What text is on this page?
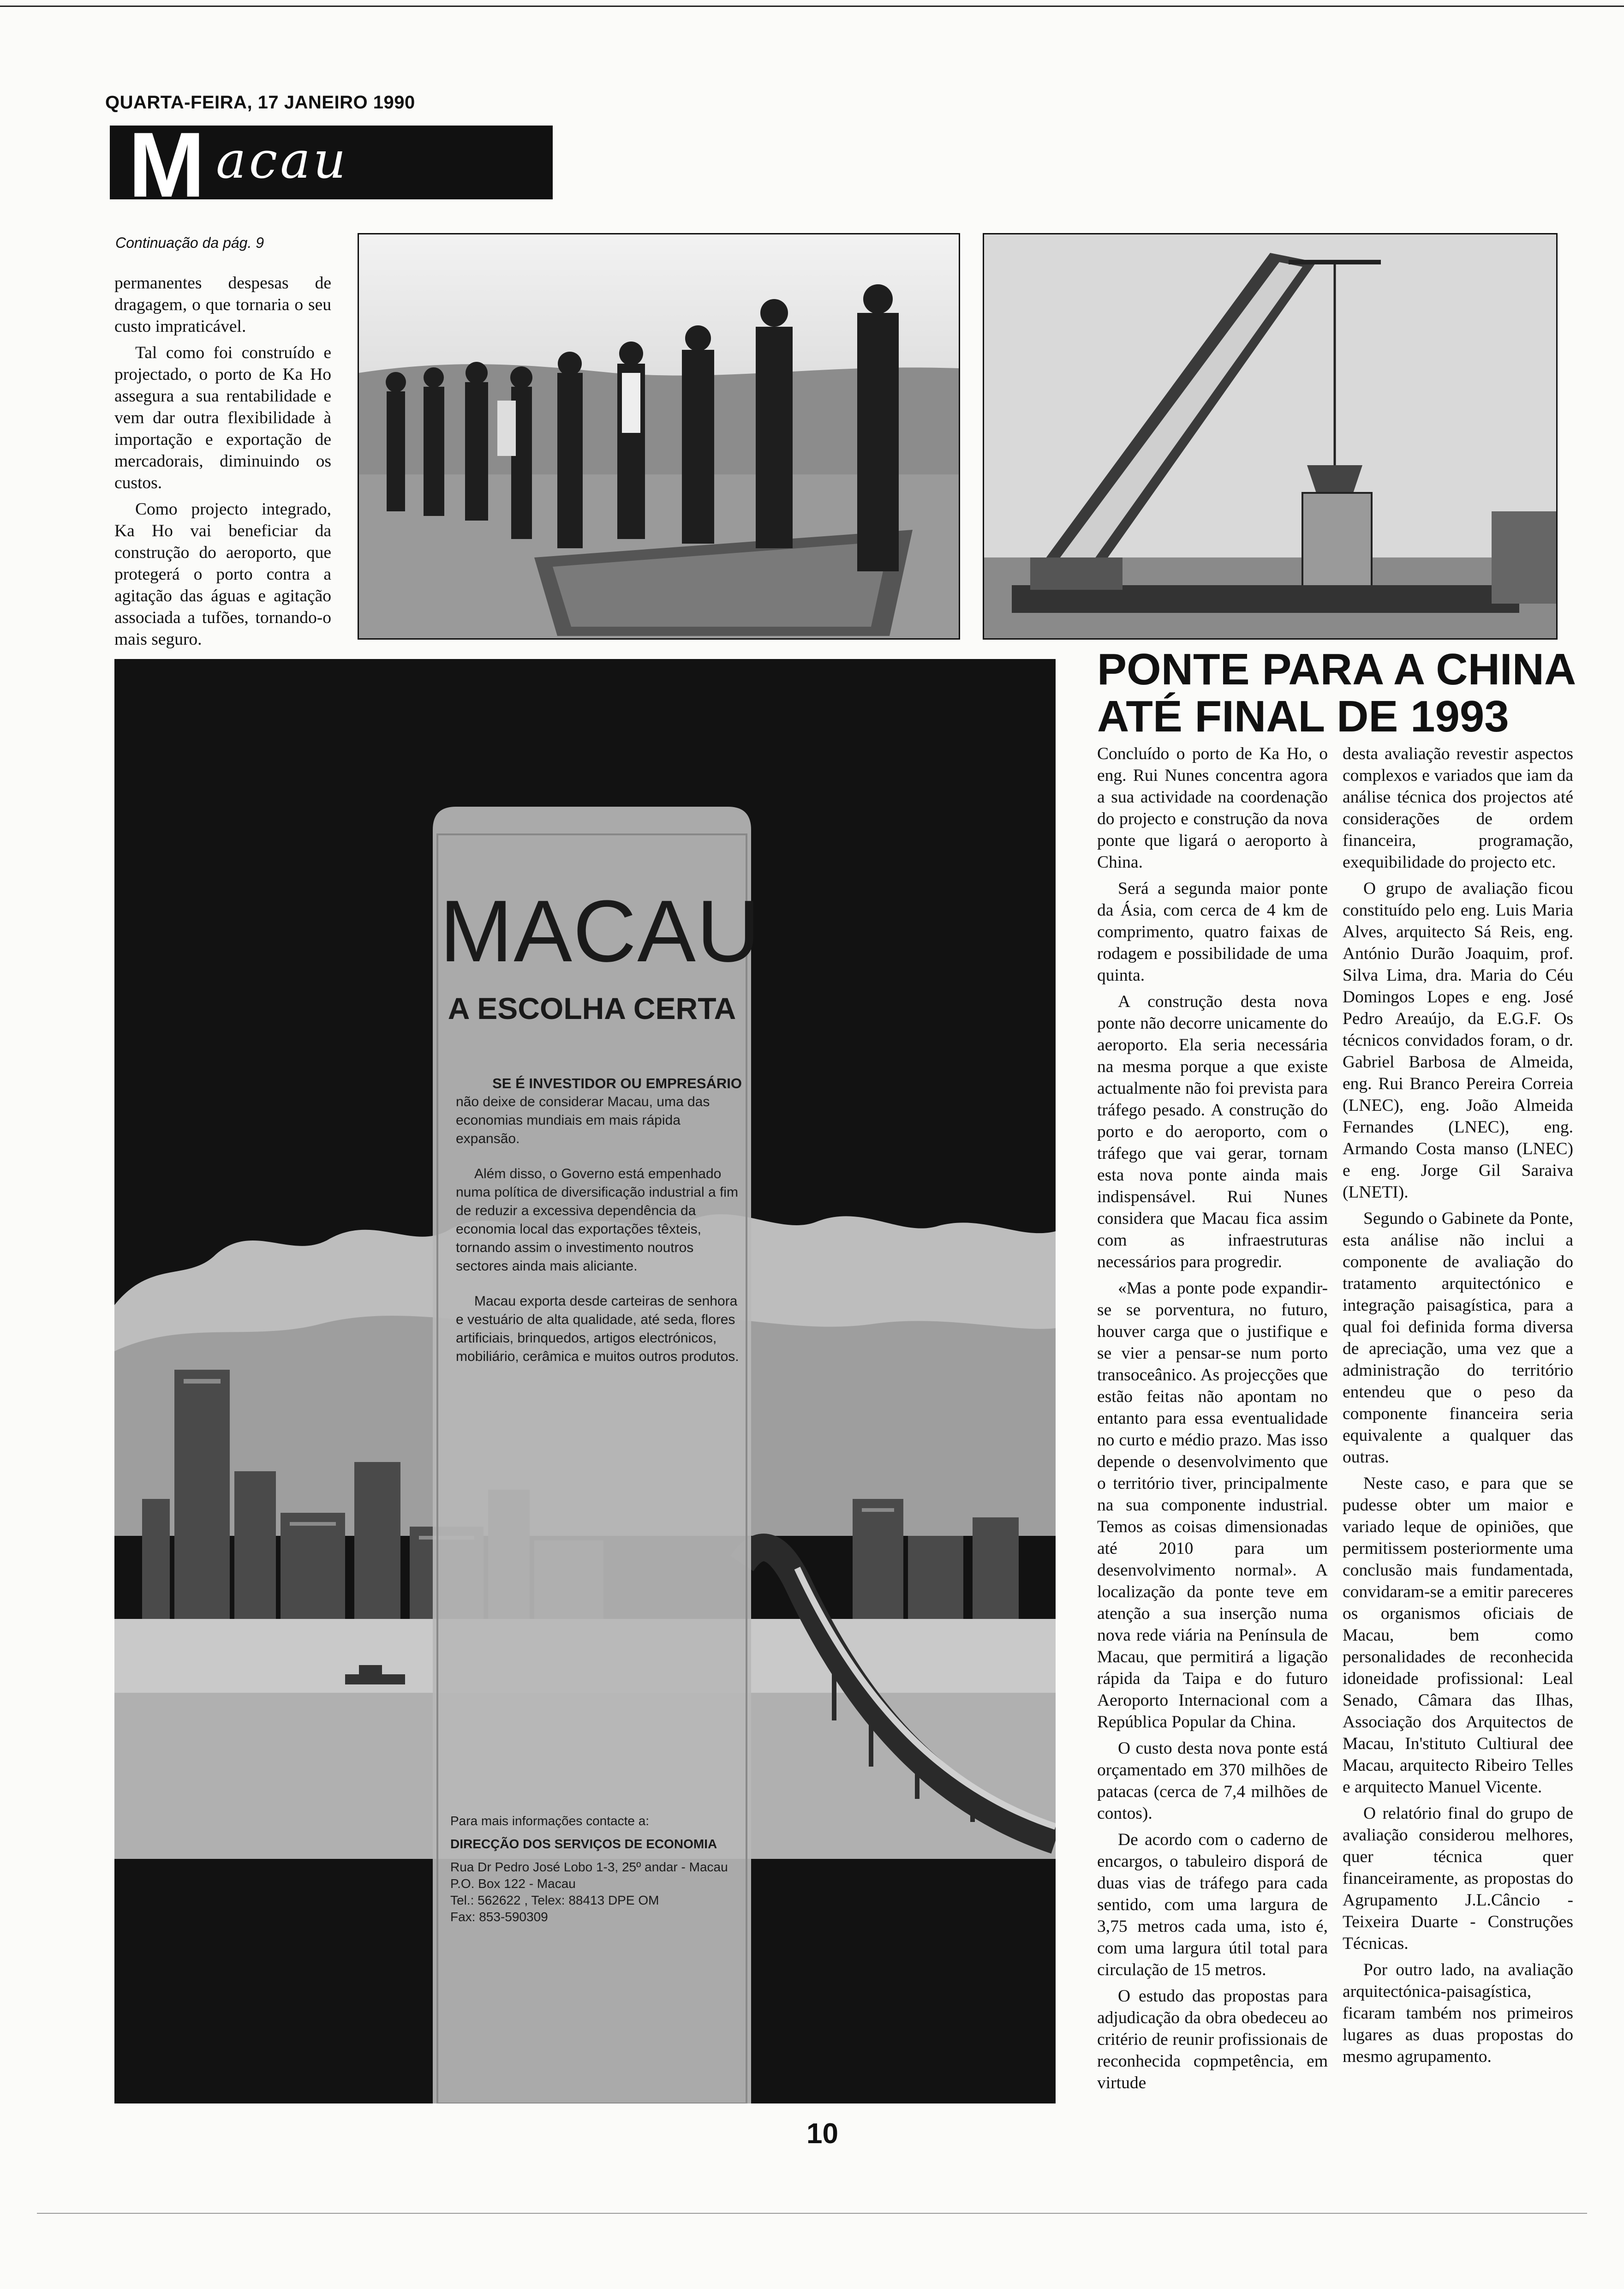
QUARTA-FEIRA, 17 JANEIRO 1990
M acau
Continuação da pág. 9

permanentes despesas de dragagem, o que tornaria o seu custo impraticável.

Tal como foi construído e projectado, o porto de Ka Ho assegura a sua rentabilidade e vem dar outra flexibilidade à importação e exportação de mercadorais, diminuindo os custos.

Como projecto integrado, Ka Ho vai beneficiar da construção do aeroporto, que protegerá o porto contra a agitação das águas e agitação associada a tufões, tornando-o mais seguro.

PONTE PARA A CHINA
ATÉ FINAL DE 1993

Concluído o porto de Ka Ho, o eng. Rui Nunes concentra agora a sua actividade na coordenação do projecto e construção da nova ponte que ligará o aeroporto à China.

Será a segunda maior ponte da Ásia, com cerca de 4 km de comprimento, quatro faixas de rodagem e possibilidade de uma quinta.

A construção desta nova ponte não decorre unicamente do aeroporto. Ela seria necessária na mesma porque a que existe actualmente não foi prevista para tráfego pesado. A construção do porto e do aeroporto, com o tráfego que vai gerar, tornam esta nova ponte ainda mais indispensável. Rui Nunes considera que Macau fica assim com as infraestruturas necessários para progredir.

«Mas a ponte pode expandir-se se porventura, no futuro, houver carga que o justifique e se vier a pensar-se num porto transoceânico. As projecções que estão feitas não apontam no entanto para essa eventualidade no curto e médio prazo. Mas isso depende o desenvolvimento que o território tiver, principalmente na sua componente industrial. Temos as coisas dimensionadas até 2010 para um desenvolvimento normal». A localização da ponte teve em atenção a sua inserção numa nova rede viária na Península de Macau, que permitirá a ligação rápida da Taipa e do futuro Aeroporto Internacional com a República Popular da China.

O custo desta nova ponte está orçamentado em 370 milhões de patacas (cerca de 7,4 milhões de contos).

De acordo com o caderno de encargos, o tabuleiro disporá de duas vias de tráfego para cada sentido, com uma largura de 3,75 metros cada uma, isto é, com uma largura útil total para circulação de 15 metros.

O estudo das propostas para adjudicação da obra obedeceu ao critério de reunir profissionais de reconhecida copmpetência, em virtude

desta avaliação revestir aspectos complexos e variados que iam da análise técnica dos projectos até considerações de ordem financeira, programação, exequibilidade do projecto etc.

O grupo de avaliação ficou constituído pelo eng. Luis Maria Alves, arquitecto Sá Reis, eng. António Durão Joaquim, prof. Silva Lima, dra. Maria do Céu Domingos Lopes e eng. José Pedro Areaújo, da E.G.F. Os técnicos convidados foram, o dr. Gabriel Barbosa de Almeida, eng. Rui Branco Pereira Correia (LNEC), eng. João Almeida Fernandes (LNEC), eng. Armando Costa manso (LNEC) e eng. Jorge Gil Saraiva (LNETI).

Segundo o Gabinete da Ponte, esta análise não inclui a componente de avaliação do tratamento arquitectónico e integração paisagística, para a qual foi definida forma diversa de apreciação, uma vez que a administração do território entendeu que o peso da componente financeira seria equivalente a qualquer das outras.

Neste caso, e para que se pudesse obter um maior e variado leque de opiniões, que permitissem posteriormente uma conclusão mais fundamentada, convidaram-se a emitir pareceres os organismos oficiais de Macau, bem como personalidades de reconhecida idoneidade profissional: Leal Senado, Câmara das Ilhas, Associação dos Arquitectos de Macau, In'stituto Cultiural dee Macau, arquitecto Ribeiro Telles e arquitecto Manuel Vicente.

O relatório final do grupo de avaliação considerou melhores, quer técnica quer financeiramente, as propostas do Agrupamento J.L.Câncio - Teixeira Duarte - Construções Técnicas.

Por outro lado, na avaliação arquitectónica-paisagística, ficaram também nos primeiros lugares as duas propostas do mesmo agrupamento.

MACAU
A ESCOLHA CERTA
SE É INVESTIDOR OU EMPRESÁRIO
não deixe de considerar Macau, uma das economias mundiais em mais rápida expansão.
Além disso, o Governo está empenhado numa política de diversificação industrial a fim de reduzir a excessiva dependência da economia local das exportações têxteis, tornando assim o investimento noutros sectores ainda mais aliciante.
Macau exporta desde carteiras de senhora e vestuário de alta qualidade, até seda, flores artificiais, brinquedos, artigos electrónicos, mobiliário, cerâmica e muitos outros produtos.
Para mais informações contacte a:
DIRECÇÃO DOS SERVIÇOS DE ECONOMIA
Rua Dr Pedro José Lobo 1-3, 25º andar - Macau
P.O. Box 122 - Macau
Tel.: 562622 , Telex: 88413 DPE OM
Fax: 853-590309
10
